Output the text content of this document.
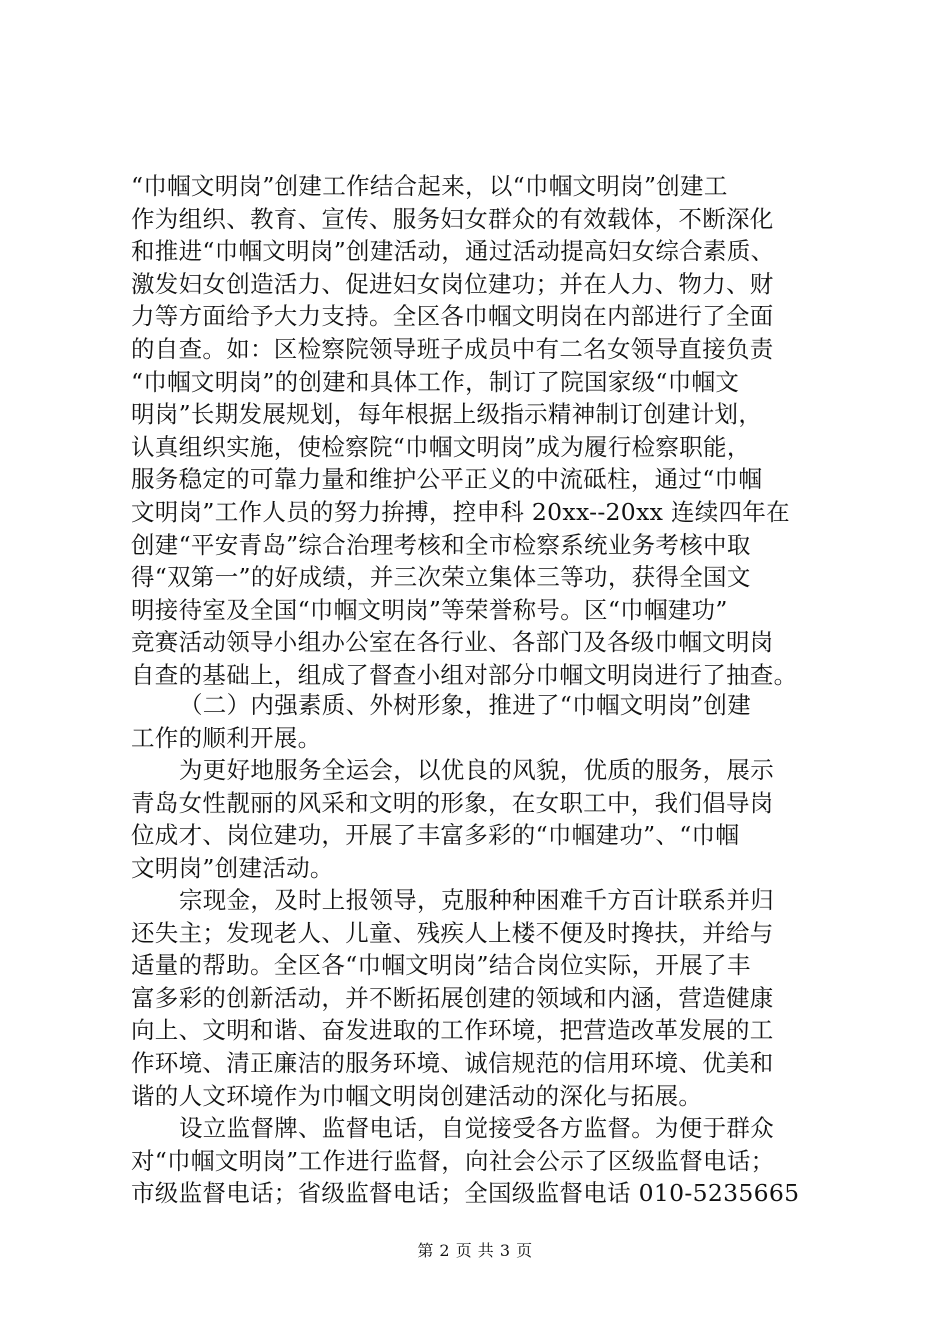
“巾帼文明岗”创建工作结合起来，以“巾帼文明岗”创建工
作为组织、教育、宣传、服务妇女群众的有效载体，不断深化
和推进“巾帼文明岗”创建活动，通过活动提高妇女综合素质、
激发妇女创造活力、促进妇女岗位建功；并在人力、物力、财
力等方面给予大力支持。全区各巾帼文明岗在内部进行了全面
的自查。如：区检察院领导班子成员中有二名女领导直接负责
“巾帼文明岗”的创建和具体工作，制订了院国家级“巾帼文
明岗”长期发展规划，每年根据上级指示精神制订创建计划，
认真组织实施，使检察院“巾帼文明岗”成为履行检察职能，
服务稳定的可靠力量和维护公平正义的中流砥柱，通过“巾帼
文明岗”工作人员的努力拚搏，控申科 20xx--20xx 连续四年在
创建“平安青岛”综合治理考核和全市检察系统业务考核中取
得“双第一”的好成绩，并三次荣立集体三等功，获得全国文
明接待室及全国“巾帼文明岗”等荣誉称号。区“巾帼建功”
竞赛活动领导小组办公室在各行业、各部门及各级巾帼文明岗
自查的基础上，组成了督查小组对部分巾帼文明岗进行了抽查。
（二）内强素质、外树形象，推进了“巾帼文明岗”创建
工作的顺利开展。
为更好地服务全运会，以优良的风貌，优质的服务，展示
青岛女性靓丽的风采和文明的形象，在女职工中，我们倡导岗
位成才、岗位建功，开展了丰富多彩的“巾帼建功”、“巾帼
文明岗”创建活动。
宗现金，及时上报领导，克服种种困难千方百计联系并归
还失主；发现老人、儿童、残疾人上楼不便及时搀扶，并给与
适量的帮助。全区各“巾帼文明岗”结合岗位实际，开展了丰
富多彩的创新活动，并不断拓展创建的领域和内涵，营造健康
向上、文明和谐、奋发进取的工作环境，把营造改革发展的工
作环境、清正廉洁的服务环境、诚信规范的信用环境、优美和
谐的人文环境作为巾帼文明岗创建活动的深化与拓展。
设立监督牌、监督电话，自觉接受各方监督。为便于群众
对“巾帼文明岗”工作进行监督，向社会公示了区级监督电话；
市级监督电话；省级监督电话；全国级监督电话 010-5235665
第 2 页 共 3 页
